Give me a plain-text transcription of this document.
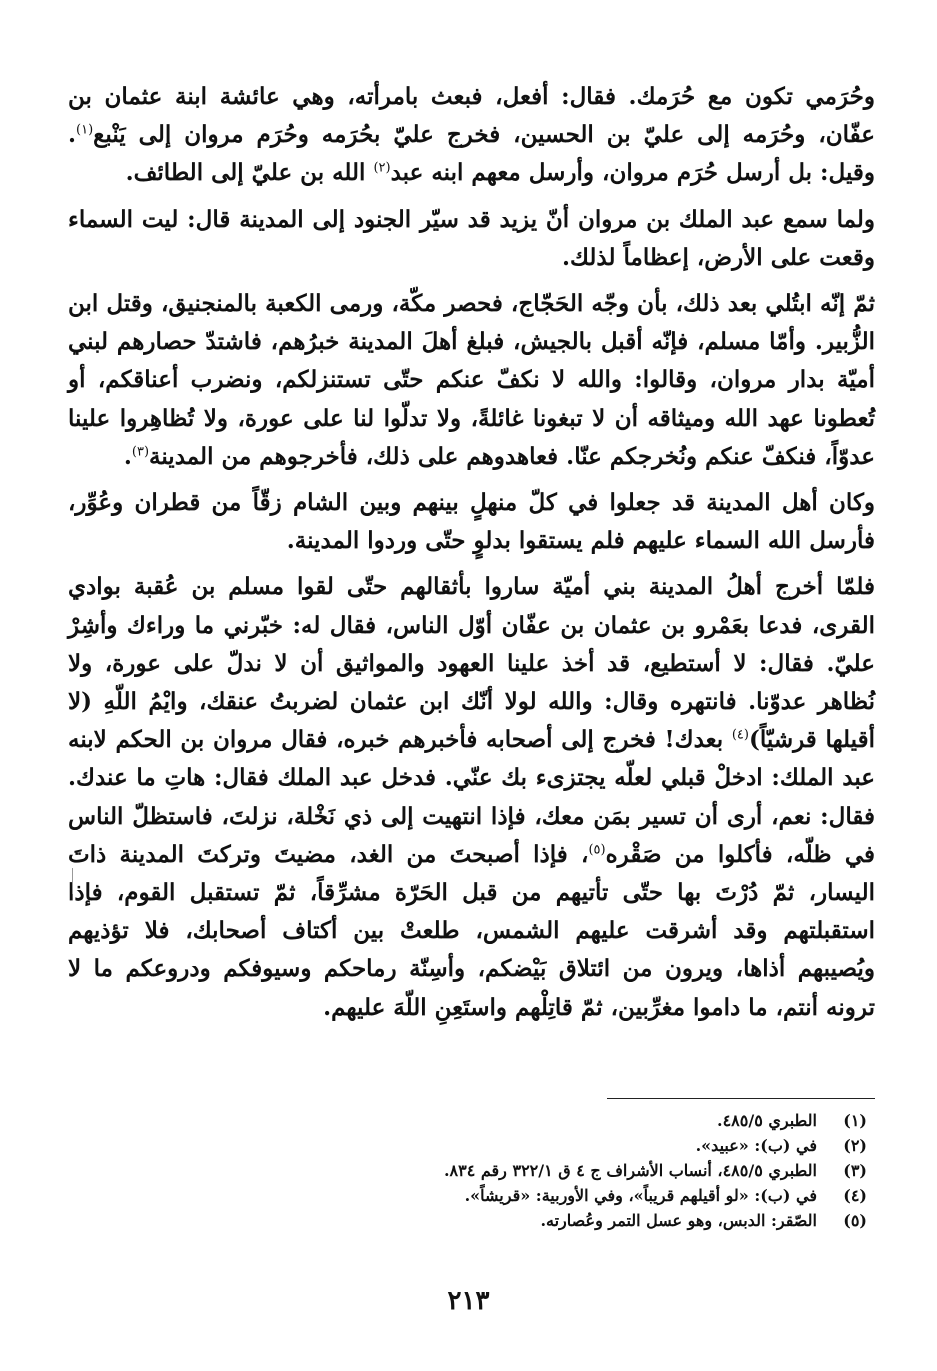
وحُرَمي تكون مع حُرَمك. فقال: أفعل، فبعث بامرأته، وهي عائشة ابنة عثمان بن عفّان، وحُرَمه إلى عليّ بن الحسين، فخرج عليّ بحُرَمه وحُرَم مروان إلى يَنْبع$^{(١)}$. وقيل: بل أرسل حُرَم مروان، وأرسل معهم ابنه عبد$^{(٢)}$ الله بن عليّ إلى الطائف.

ولما سمع عبد الملك بن مروان أنّ يزيد قد سيّر الجنود إلى المدينة قال: ليت السماء وقعت على الأرض، إعظاماً لذلك.

ثمّ إنّه ابتُلي بعد ذلك، بأن وجّه الحَجّاج، فحصر مكّة، ورمى الكعبة بالمنجنيق، وقتل ابن الزُّبير. وأمّا مسلم، فإنّه أقبل بالجيش، فبلغ أهلَ المدينة خبرُهم، فاشتدّ حصارهم لبني أميّة بدار مروان، وقالوا: والله لا نكفّ عنكم حتّى تستنزلكم، ونضرب أعناقكم، أو تُعطونا عهد الله وميثاقه أن لا تبغونا غائلةً، ولا تدلّوا لنا على عورة، ولا تُظاهِروا علينا عدوّاً، فنكفّ عنكم ونُخرجكم عنّا. فعاهدوهم على ذلك، فأخرجوهم من المدينة$^{(٣)}$.

وكان أهل المدينة قد جعلوا في كلّ منهلٍ بينهم وبين الشام زقّاً من قطران وعُوِّر، فأرسل الله السماء عليهم فلم يستقوا بدلوٍ حتّى وردوا المدينة.

فلمّا أخرج أهلُ المدينة بني أميّة ساروا بأثقالهم حتّى لقوا مسلم بن عُقبة بوادي القرى، فدعا بعَمْرو بن عثمان بن عفّان أوّل الناس، فقال له: خبّرني ما وراءك وأشِرْ عليّ. فقال: لا أستطيع، قد أخذ علينا العهود والمواثيق أن لا ندلّ على عورة، ولا نُظاهر عدوّنا. فانتهره وقال: والله لولا أنّك ابن عثمان لضربتُ عنقك، وايْمُ اللّهِ (لا أقيلها قرشيّاً)$^{(٤)}$ بعدك! فخرج إلى أصحابه فأخبرهم خبره، فقال مروان بن الحكم لابنه عبد الملك: ادخلْ قبلي لعلّه يجتزىء بك عنّي. فدخل عبد الملك فقال: هاتِ ما عندك. فقال: نعم، أرى أن تسير بمَن معك، فإذا انتهيت إلى ذي نَخْلة، نزلتَ، فاستظلّ الناس في ظلّه، فأكلوا من صَقْره$^{(٥)}$، فإذا أصبحتَ من الغد، مضيتَ وتركتَ المدينة ذاتَ اليسار، ثمّ دُرْتَ بها حتّى تأتيهم من قبل الحَرّة مشرِّقاً، ثمّ تستقبل القوم، فإذا استقبلتهم وقد أشرقت عليهم الشمس، طلعتْ بين أكتاف أصحابك، فلا تؤذيهم ويُصيبهم أذاها، ويرون من ائتلاق بَيْضكم، وأسِنّة رماحكم وسيوفكم ودروعكم ما لا ترونه أنتم، ما داموا مغرِّبين، ثمّ قاتِلْهم واستَعِنِ اللّهَ عليهم.

(١)
الطبري ٤٨٥/٥.
(٢)
في (ب): «عبيد».
(٣)
الطبري ٤٨٥/٥، أنساب الأشراف ج ٤ ق ٣٢٢/١ رقم ٨٣٤.
(٤)
في (ب): «لو أقيلهم قريباً»، وفي الأوربية: «قريشاً».
(٥)
الصّقر: الدبس، وهو عسل التمر وعُصارته.
٢١٣
